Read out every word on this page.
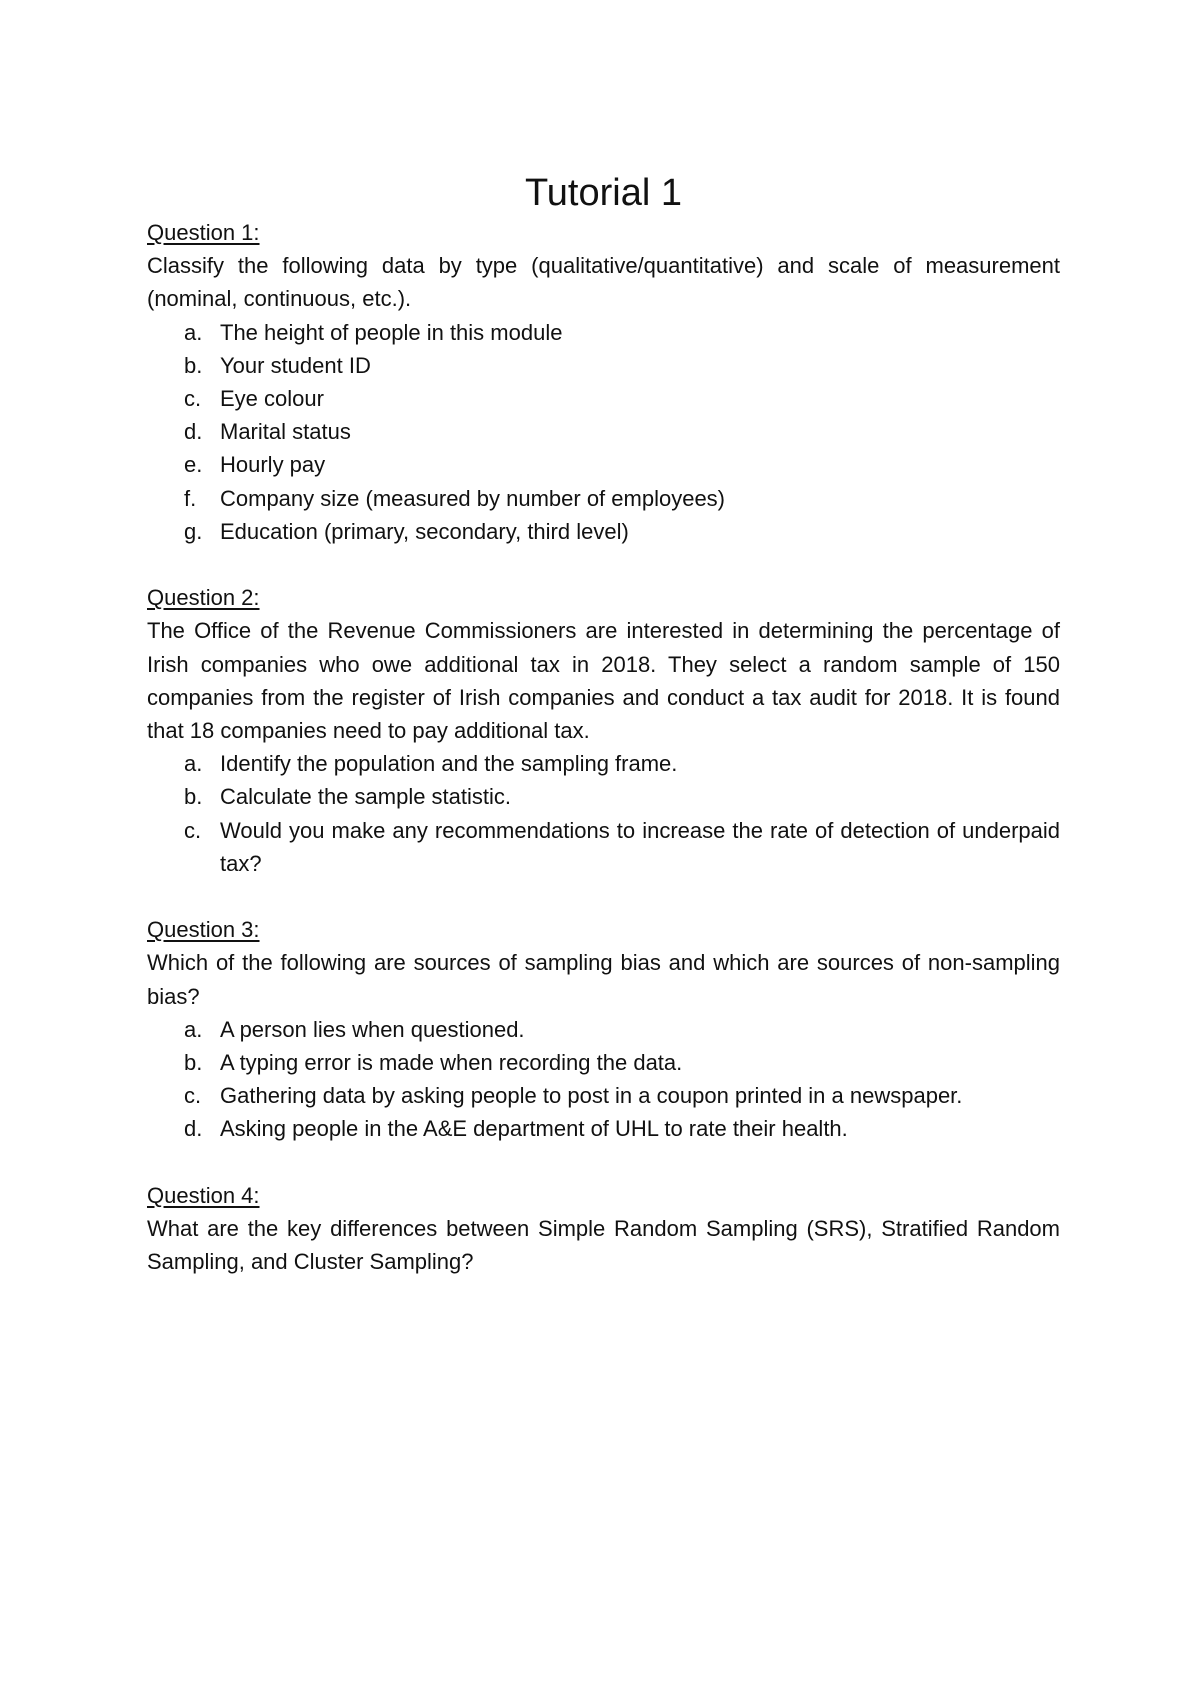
Tutorial 1

Question 1:

Classify the following data by type (qualitative/quantitative) and scale of measurement (nominal, continuous, etc.).

a. The height of people in this module
b. Your student ID
c. Eye colour
d. Marital status
e. Hourly pay
f.	Company size (measured by number of employees)
g. Education (primary, secondary, third level)

Question 2:

The Office of the Revenue Commissioners are interested in determining the percentage of Irish companies who owe additional tax in 2018. They select a random sample of 150 companies from the register of Irish companies and conduct a tax audit for 2018. It is found that 18 companies need to pay additional tax.

a. Identify the population and the sampling frame.
b. Calculate the sample statistic.
c. Would you make any recommendations to increase the rate of detection of underpaid tax?

Question 3:

Which of the following are sources of sampling bias and which are sources of non-sampling bias?

a. A person lies when questioned.
b. A typing error is made when recording the data.
c. Gathering data by asking people to post in a coupon printed in a newspaper.
d. Asking people in the A&E department of UHL to rate their health.

Question 4:

What are the key differences between Simple Random Sampling (SRS), Stratified Random Sampling, and Cluster Sampling?
